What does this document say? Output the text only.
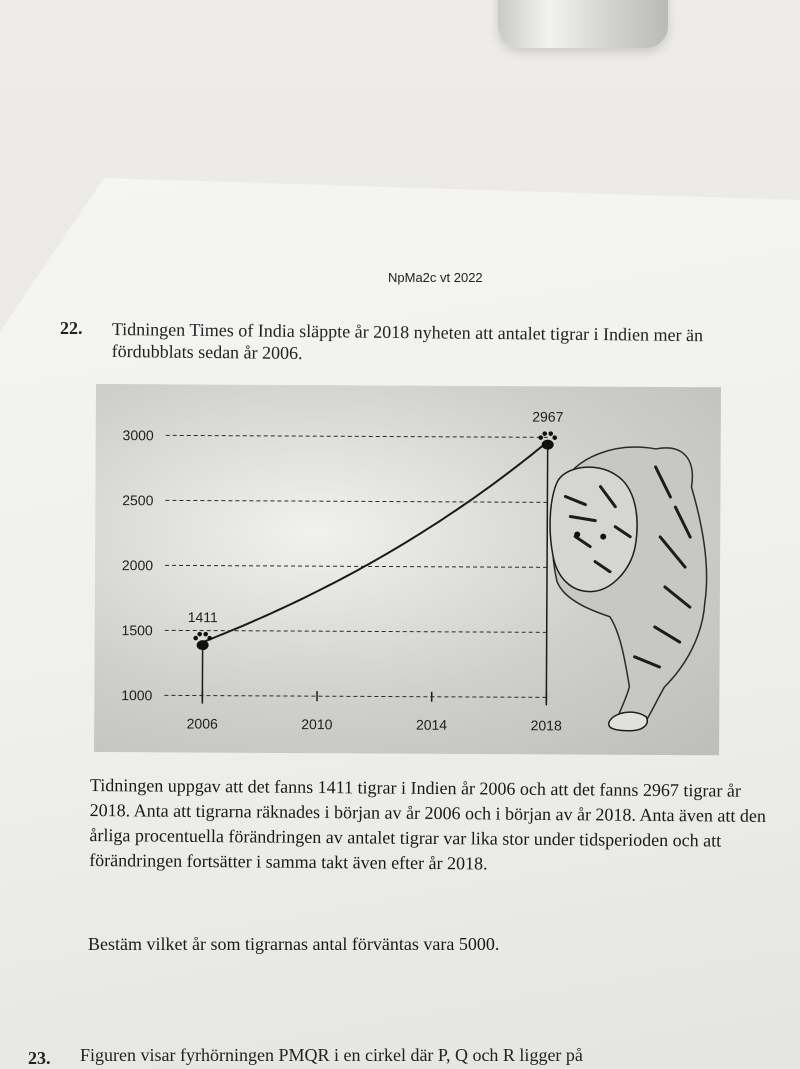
NpMa2c vt 2022
22. Tidningen Times of India släppte år 2018 nyheten att antalet tigrar i Indien mer än fördubblats sedan år 2006.
1000
1500
2000
2500
3000
2006	2010	2014	2018
1411
2967

Tidningen uppgav att det fanns 1411 tigrar i Indien år 2006 och att det fanns 2967 tigrar år 2018. Anta att tigrarna räknades i början av år 2006 och i början av år 2018. Anta även att den årliga procentuella förändringen av antalet tigrar var lika stor under tidsperioden och att förändringen fortsätter i samma takt även efter år 2018.

Bestäm vilket år som tigrarnas antal förväntas vara 5000.
23. Figuren visar fyrhörningen PMQR i en cirkel där P, Q och R ligger på
